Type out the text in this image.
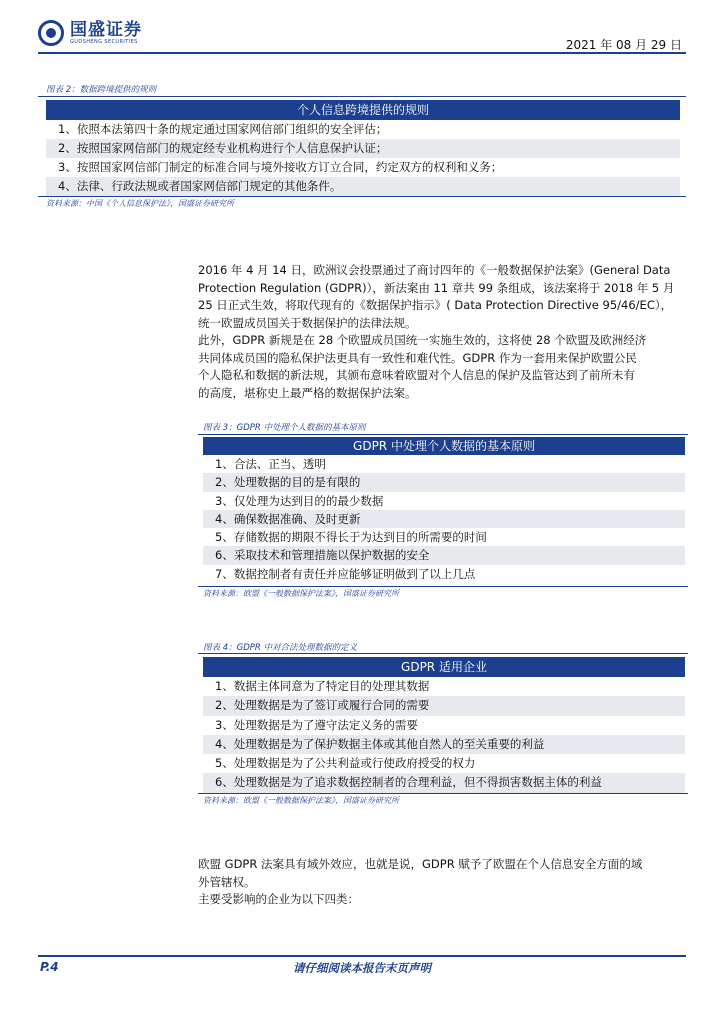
国盛证券
GUOSHENG SECURITIES	2021 年 08 月 29 日
图表 2：数据跨境提供的规则
个人信息跨境提供的规则
1、依照本法第四十条的规定通过国家网信部门组织的安全评估；
2、按照国家网信部门的规定经专业机构进行个人信息保护认证；
3、按照国家网信部门制定的标准合同与境外接收方订立合同，约定双方的权利和义务；
4、法律、行政法规或者国家网信部门规定的其他条件。
资料来源：中国《个人信息保护法》，国盛证券研究所
2016 年 4 月 14 日，欧洲议会投票通过了商讨四年的《一般数据保护法案》(General Data
Protection Regulation (GDPR)），新法案由 11 章共 99 条组成，该法案将于 2018 年 5 月
25 日正式生效，将取代现有的《数据保护指示》( Data Protection Directive 95/46/EC），
统一欧盟成员国关于数据保护的法律法规。
此外，GDPR 新规是在 28 个欧盟成员国统一实施生效的，这将使 28 个欧盟及欧洲经济
共同体成员国的隐私保护法更具有一致性和难代性。GDPR 作为一套用来保护欧盟公民
个人隐私和数据的新法规，其颁布意味着欧盟对个人信息的保护及监管达到了前所未有
的高度，堪称史上最严格的数据保护法案。
图表 3：GDPR 中处理个人数据的基本原则
GDPR 中处理个人数据的基本原则
1、合法、正当、透明
2、处理数据的目的是有限的
3、仅处理为达到目的的最少数据
4、确保数据准确、及时更新
5、存储数据的期限不得长于为达到目的所需要的时间
6、采取技术和管理措施以保护数据的安全
7、数据控制者有责任并应能够证明做到了以上几点
资料来源：欧盟《一般数据保护法案》，国盛证券研究所
图表 4：GDPR 中对合法处理数据的定义
GDPR 适用企业
1、数据主体同意为了特定目的处理其数据
2、处理数据是为了签订或履行合同的需要
3、处理数据是为了遵守法定义务的需要
4、处理数据是为了保护数据主体或其他自然人的至关重要的利益
5、处理数据是为了公共利益或行使政府授受的权力
6、处理数据是为了追求数据控制者的合理利益，但不得损害数据主体的利益
资料来源：欧盟《一般数据保护法案》，国盛证券研究所
欧盟 GDPR 法案具有域外效应，也就是说，GDPR 赋予了欧盟在个人信息安全方面的域
外管辖权。
主要受影响的企业为以下四类：
P.4	请仔细阅读本报告末页声明
